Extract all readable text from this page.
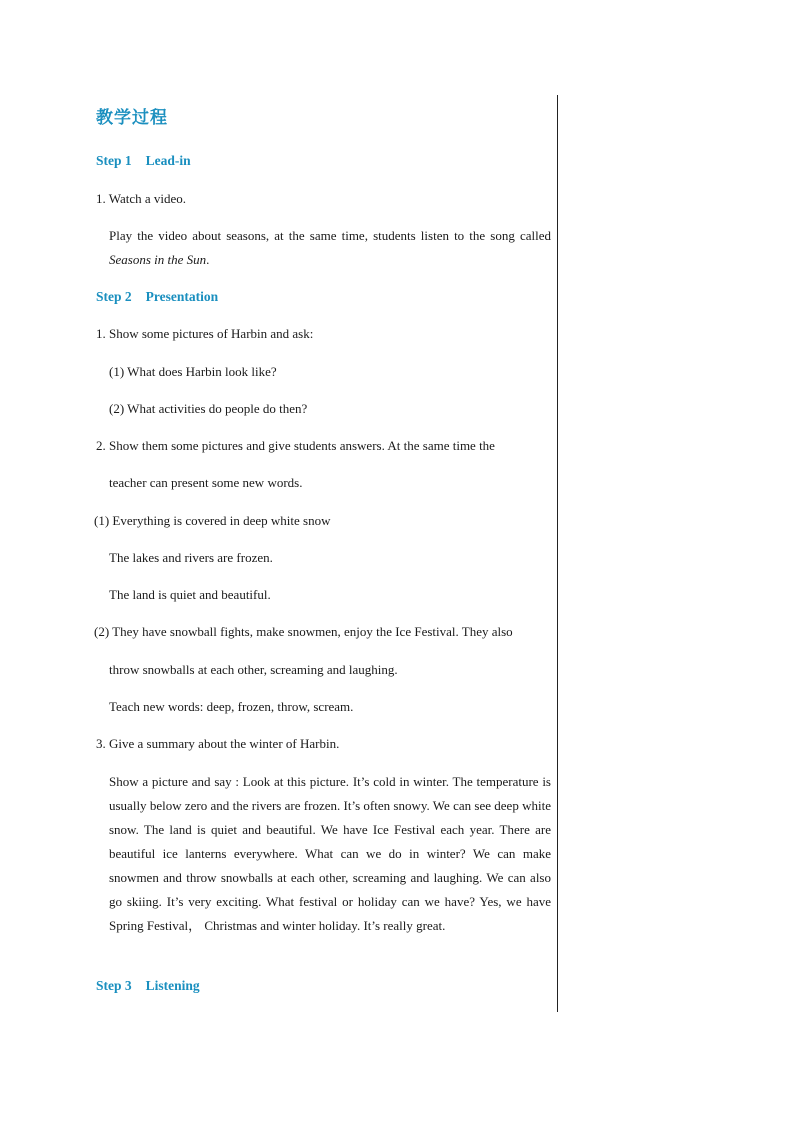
教学过程
Step 1 Lead-in
1. Watch a video.
Play the video about seasons, at the same time, students listen to the song called Seasons in the Sun.
Step 2 Presentation
1. Show some pictures of Harbin and ask:
(1) What does Harbin look like?
(2) What activities do people do then?
2. Show them some pictures and give students answers. At the same time the
teacher can present some new words.
(1) Everything is covered in deep white snow
The lakes and rivers are frozen.
The land is quiet and beautiful.
(2) They have snowball fights, make snowmen, enjoy the Ice Festival. They also
throw snowballs at each other, screaming and laughing.
Teach new words: deep, frozen, throw, scream.
3. Give a summary about the winter of Harbin.
Show a picture and say : Look at this picture. It’s cold in winter. The temperature is usually below zero and the rivers are frozen. It’s often snowy. We can see deep white snow. The land is quiet and beautiful. We have Ice Festival each year. There are beautiful ice lanterns everywhere. What can we do in winter? We can make snowmen and throw snowballs at each other, screaming and laughing. We can also go skiing. It’s very exciting. What festival or holiday can we have? Yes, we have Spring Festival， Christmas and winter holiday. It’s really great.
Step 3 Listening
